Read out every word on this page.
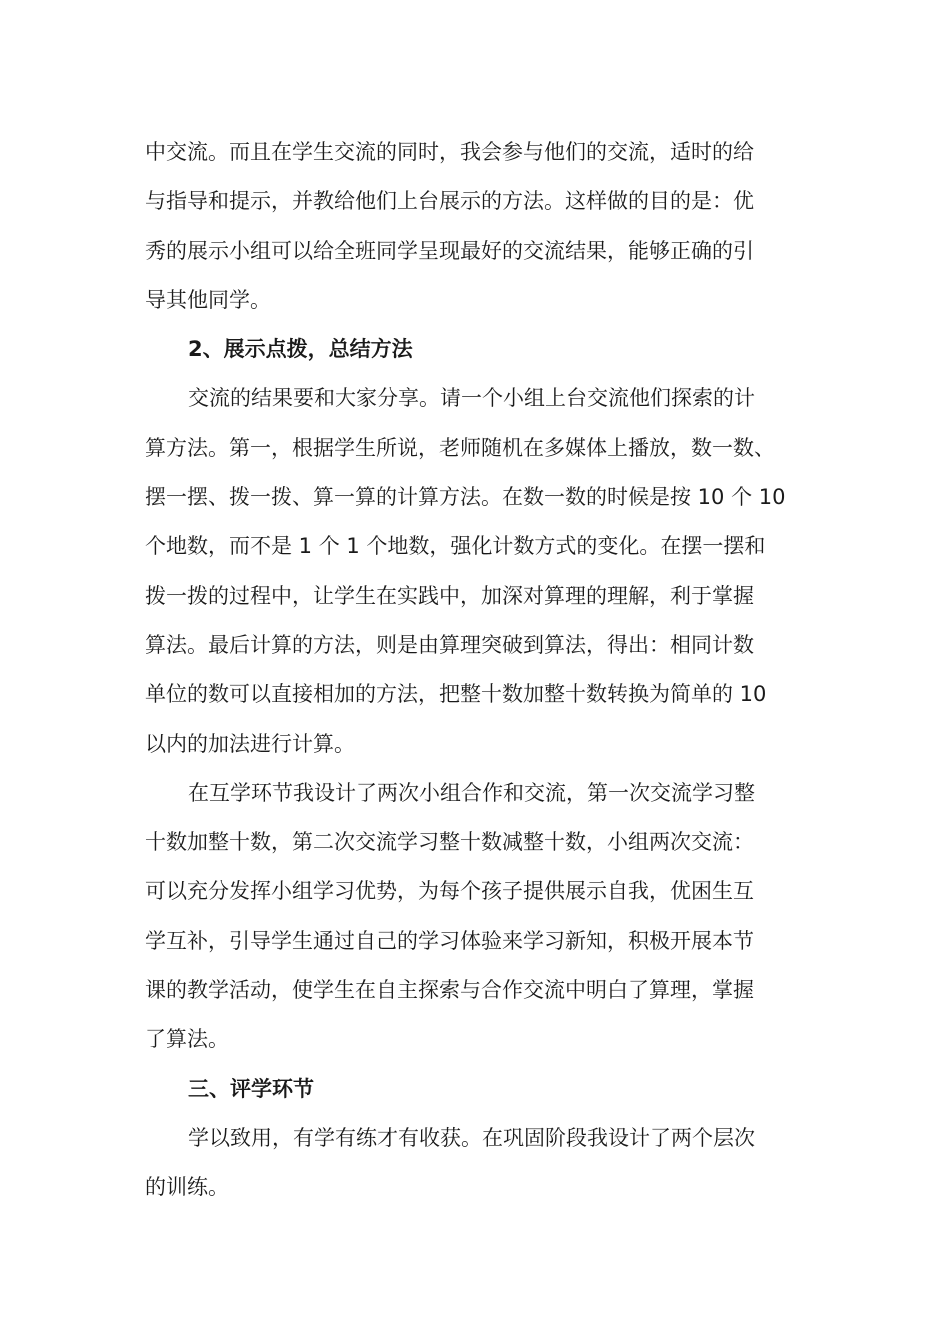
中交流。而且在学生交流的同时，我会参与他们的交流，适时的给
与指导和提示，并教给他们上台展示的方法。这样做的目的是：优
秀的展示小组可以给全班同学呈现最好的交流结果，能够正确的引
导其他同学。
2、展示点拨，总结方法
交流的结果要和大家分享。请一个小组上台交流他们探索的计
算方法。第一，根据学生所说，老师随机在多媒体上播放，数一数、
摆一摆、拨一拨、算一算的计算方法。在数一数的时候是按 10 个 10
个地数，而不是 1 个 1 个地数，强化计数方式的变化。在摆一摆和
拨一拨的过程中，让学生在实践中，加深对算理的理解，利于掌握
算法。最后计算的方法，则是由算理突破到算法，得出：相同计数
单位的数可以直接相加的方法，把整十数加整十数转换为简单的 10
以内的加法进行计算。
在互学环节我设计了两次小组合作和交流，第一次交流学习整
十数加整十数，第二次交流学习整十数减整十数，小组两次交流：
可以充分发挥小组学习优势，为每个孩子提供展示自我，优困生互
学互补，引导学生通过自己的学习体验来学习新知，积极开展本节
课的教学活动，使学生在自主探索与合作交流中明白了算理，掌握
了算法。
三、评学环节
学以致用，有学有练才有收获。在巩固阶段我设计了两个层次
的训练。
